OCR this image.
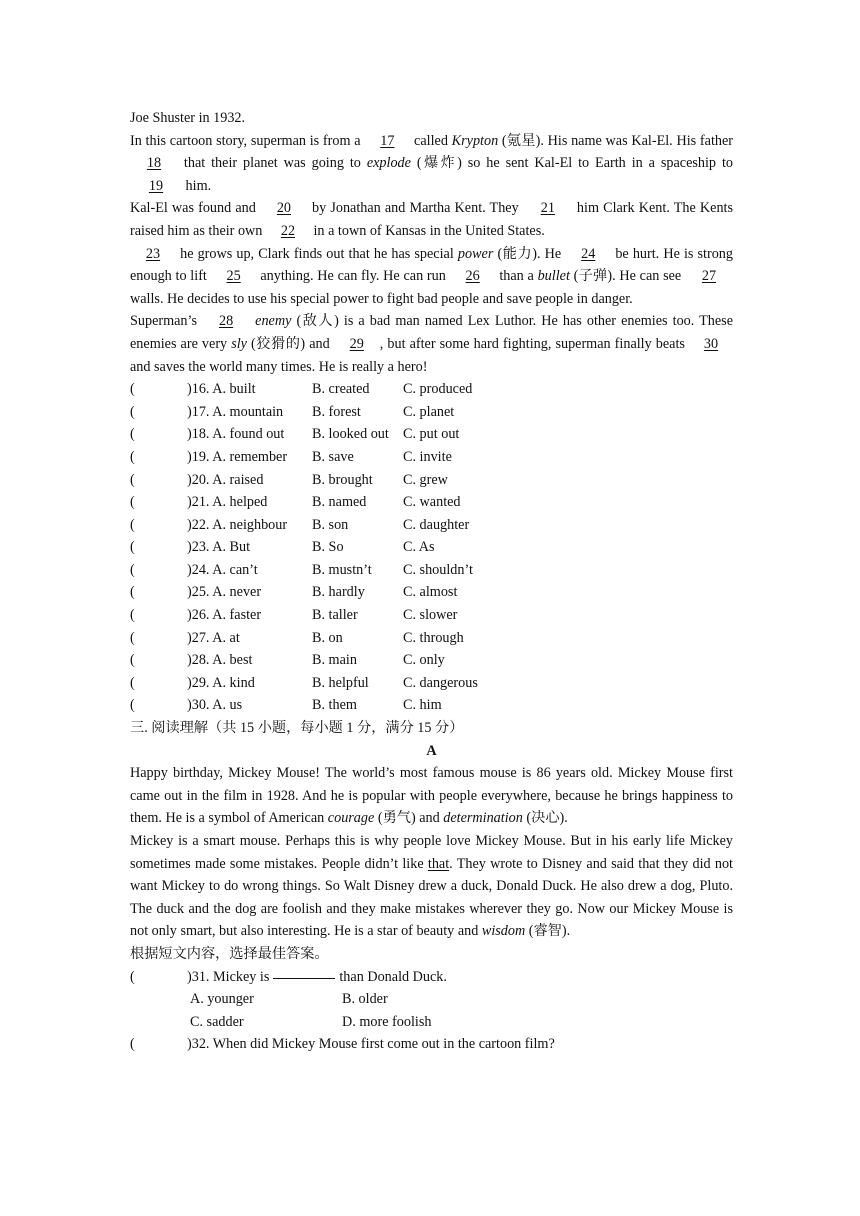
Joe Shuster in 1932.

In this cartoon story, superman is from a 17 called Krypton (氪星). His name was Kal-El. His father 18 that their planet was going to explode (爆炸) so he sent Kal-El to Earth in a spaceship to 19 him.

Kal-El was found and 20 by Jonathan and Martha Kent. They 21 him Clark Kent. The Kents raised him as their own 22 in a town of Kansas in the United States.

23 he grows up, Clark finds out that he has special power (能力). He 24 be hurt. He is strong enough to lift 25 anything. He can fly. He can run 26 than a bullet (子弹). He can see 27 walls. He decides to use his special power to fight bad people and save people in danger.

Superman’s 28 enemy (敌人) is a bad man named Lex Luthor. He has other enemies too. These enemies are very sly (狡猾的) and 29 , but after some hard fighting, superman finally beats 30 and saves the world many times. He is really a hero!

(	)16. A. built	B. created	C. produced
(	)17. A. mountain	B. forest	C. planet
(	)18. A. found out	B. looked out C. put out
(	)19. A. remember	B. save	C. invite
(	)20. A. raised	B. brought	C. grew
(	)21. A. helped	B. named	C. wanted
(	)22. A. neighbour	B. son	C. daughter
(	)23. A. But	B. So	C. As
(	)24. A. can’t	B. mustn’t	C. shouldn’t
(	)25. A. never	B. hardly	C. almost
(	)26. A. faster	B. taller	C. slower
(	)27. A. at	B. on	C. through
(	)28. A. best	B. main	C. only
(	)29. A. kind	B. helpful	C. dangerous
(	)30. A. us	B. them	C. him

三. 阅读理解（共 15 小题，每小题 1 分，满分 15 分）

A

Happy birthday, Mickey Mouse! The world’s most famous mouse is 86 years old. Mickey Mouse first came out in the film in 1928. And he is popular with people everywhere, because he brings happiness to them. He is a symbol of American courage (勇气) and determination (决心).

Mickey is a smart mouse. Perhaps this is why people love Mickey Mouse. But in his early life Mickey sometimes made some mistakes. People didn’t like that. They wrote to Disney and said that they did not want Mickey to do wrong things. So Walt Disney drew a duck, Donald Duck. He also drew a dog, Pluto. The duck and the dog are foolish and they make mistakes wherever they go. Now our Mickey Mouse is not only smart, but also interesting. He is a star of beauty and wisdom (睿智).

根据短文内容，选择最佳答案。

(	)31. Mickey is	than Donald Duck.
A. younger	B. older
C. sadder	D. more foolish
(	)32. When did Mickey Mouse first come out in the cartoon film?
